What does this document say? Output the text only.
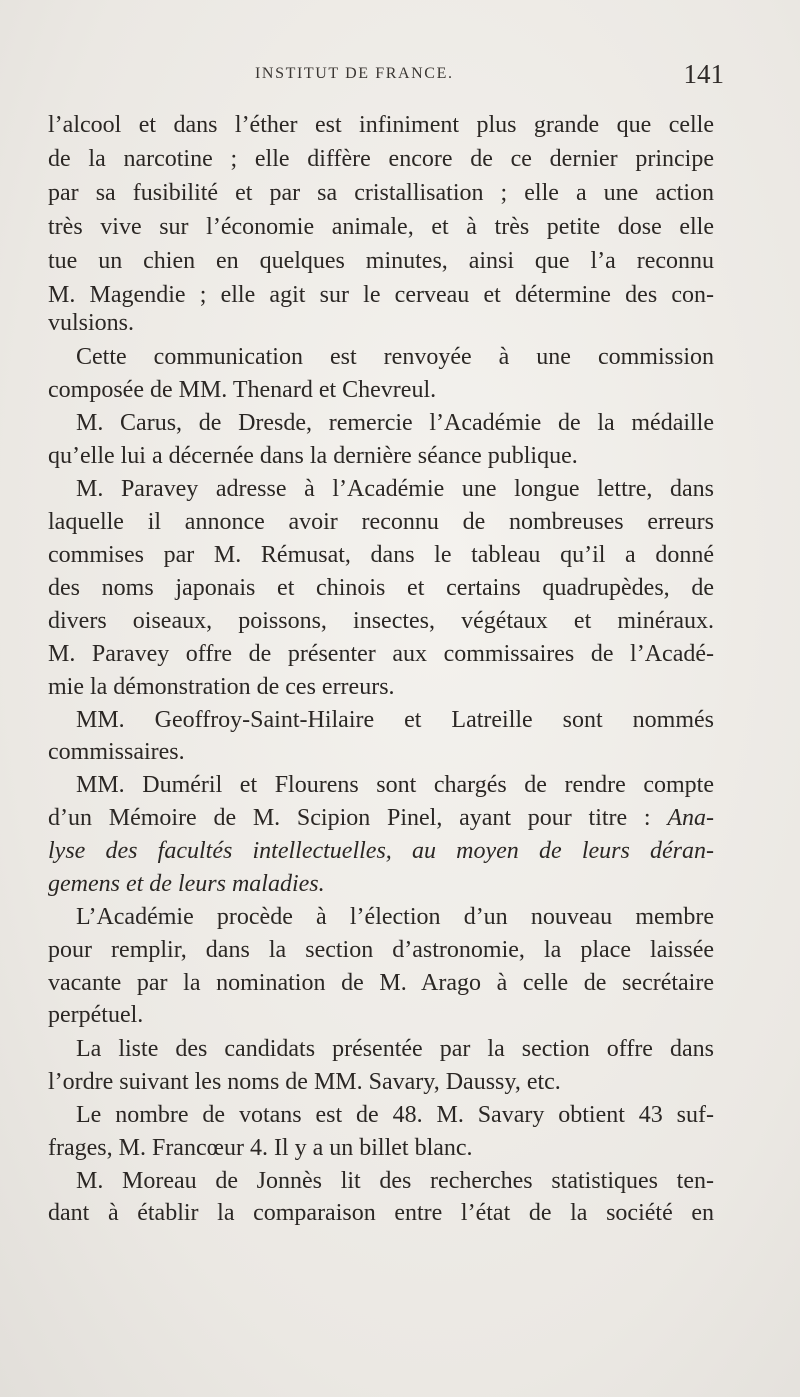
INSTITUT DE FRANCE.	141
l’alcool et dans l’éther est infiniment plus grande que celle
de la narcotine ; elle diffère encore de ce dernier principe
par sa fusibilité et par sa cristallisation ; elle a une action
très vive sur l’économie animale, et à très petite dose elle
tue un chien en quelques minutes, ainsi que l’a reconnu
M. Magendie ; elle agit sur le cerveau et détermine des con-
vulsions.
Cette communication est renvoyée à une commission
composée de MM. Thenard et Chevreul.
M. Carus, de Dresde, remercie l’Académie de la médaille
qu’elle lui a décernée dans la dernière séance publique.
M. Paravey adresse à l’Académie une longue lettre, dans
laquelle il annonce avoir reconnu de nombreuses erreurs
commises par M. Rémusat, dans le tableau qu’il a donné
des noms japonais et chinois et certains quadrupèdes, de
divers oiseaux, poissons, insectes, végétaux et minéraux.
M. Paravey offre de présenter aux commissaires de l’Acadé-
mie la démonstration de ces erreurs.
MM. Geoffroy-Saint-Hilaire et Latreille sont nommés
commissaires.
MM. Duméril et Flourens sont chargés de rendre compte
d’un Mémoire de M. Scipion Pinel, ayant pour titre : Ana-
lyse des facultés intellectuelles, au moyen de leurs déran-
gemens et de leurs maladies.
L’Académie procède à l’élection d’un nouveau membre
pour remplir, dans la section d’astronomie, la place laissée
vacante par la nomination de M. Arago à celle de secrétaire
perpétuel.
La liste des candidats présentée par la section offre dans
l’ordre suivant les noms de MM. Savary, Daussy, etc.
Le nombre de votans est de 48. M. Savary obtient 43 suf-
frages, M. Francœur 4. Il y a un billet blanc.
M. Moreau de Jonnès lit des recherches statistiques ten-
dant à établir la comparaison entre l’état de la société en
